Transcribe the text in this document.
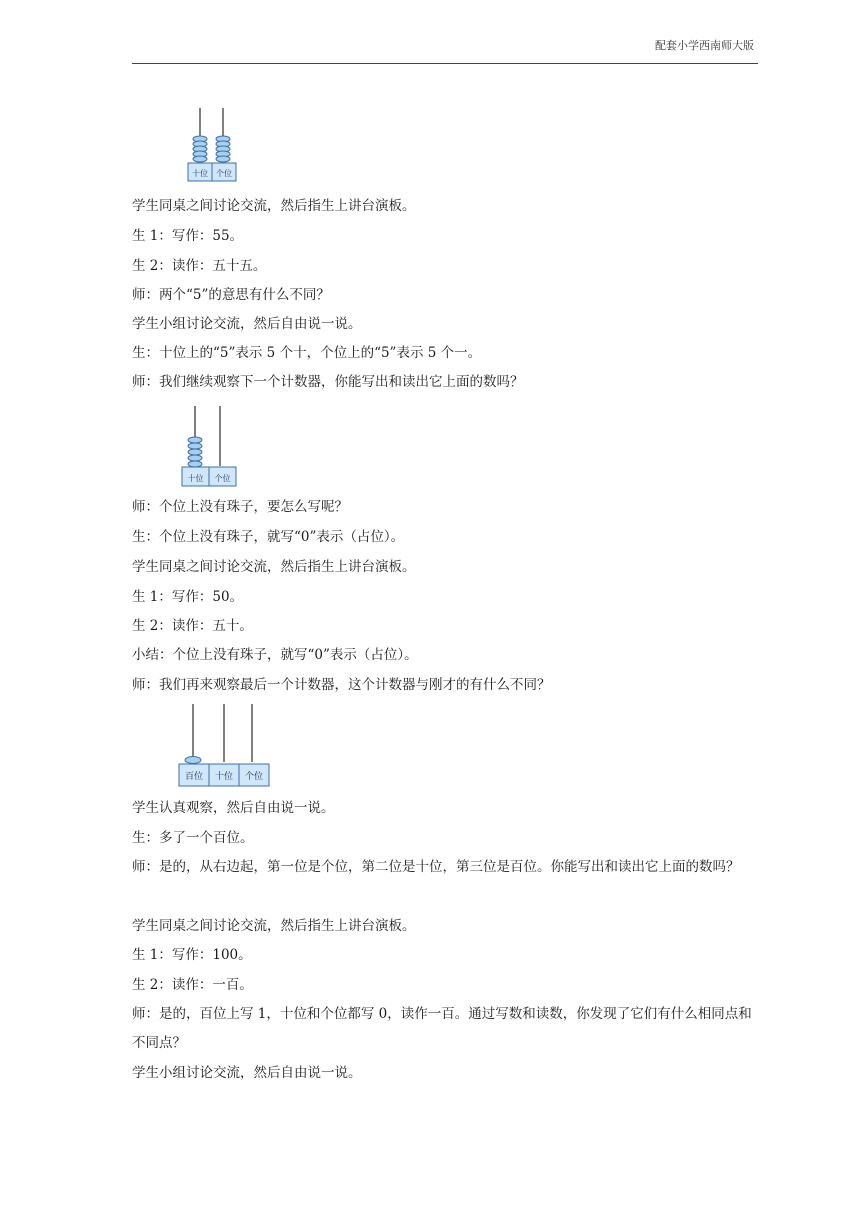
配套小学西南师大版
十位 个位
学生同桌之间讨论交流，然后指生上讲台演板。
生 1：写作：55。
生 2：读作：五十五。
师：两个“5”的意思有什么不同？
学生小组讨论交流，然后自由说一说。
生：十位上的“5”表示 5 个十，个位上的“5”表示 5 个一。
师：我们继续观察下一个计数器，你能写出和读出它上面的数吗？
十位 个位
师：个位上没有珠子，要怎么写呢？
生：个位上没有珠子，就写“0”表示（占位）。
学生同桌之间讨论交流，然后指生上讲台演板。
生 1：写作：50。
生 2：读作：五十。
小结：个位上没有珠子，就写“0”表示（占位）。
师：我们再来观察最后一个计数器，这个计数器与刚才的有什么不同？
百位 十位 个位
学生认真观察，然后自由说一说。
生：多了一个百位。
师：是的，从右边起，第一位是个位，第二位是十位，第三位是百位。你能写出和读出它上面的数吗？
学生同桌之间讨论交流，然后指生上讲台演板。
生 1：写作：100。
生 2：读作：一百。
师：是的，百位上写 1，十位和个位都写 0，读作一百。通过写数和读数，你发现了它们有什么相同点和不同点？
学生小组讨论交流，然后自由说一说。
